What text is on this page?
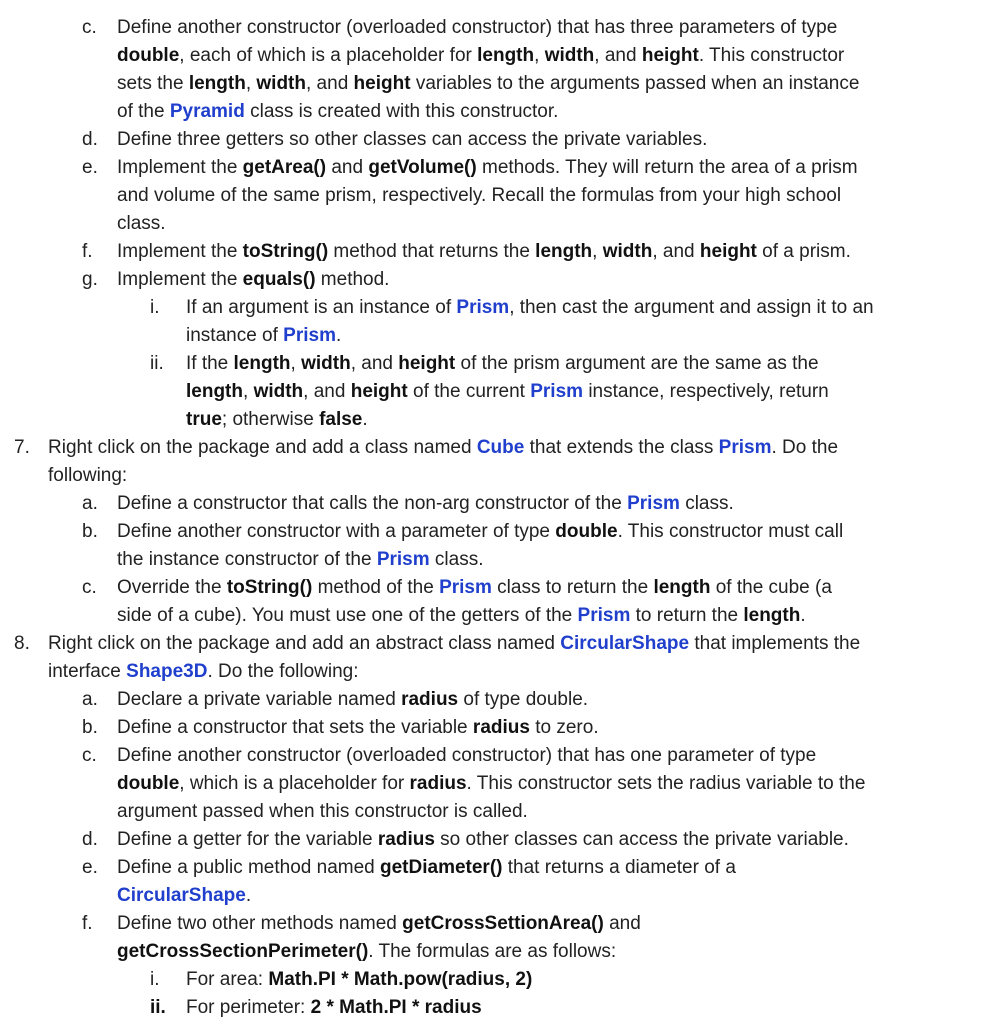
c. Define another constructor (overloaded constructor) that has three parameters of type
double, each of which is a placeholder for length, width, and height. This constructor
sets the length, width, and height variables to the arguments passed when an instance
of the Pyramid class is created with this constructor.
d. Define three getters so other classes can access the private variables.
e. Implement the getArea() and getVolume() methods. They will return the area of a prism
and volume of the same prism, respectively. Recall the formulas from your high school
class.
f. Implement the toString() method that returns the length, width, and height of a prism.
g. Implement the equals() method.
i. If an argument is an instance of Prism, then cast the argument and assign it to an
instance of Prism.
ii. If the length, width, and height of the prism argument are the same as the
length, width, and height of the current Prism instance, respectively, return
true; otherwise false.
7. Right click on the package and add a class named Cube that extends the class Prism. Do the
following:
a. Define a constructor that calls the non-arg constructor of the Prism class.
b. Define another constructor with a parameter of type double. This constructor must call
the instance constructor of the Prism class.
c. Override the toString() method of the Prism class to return the length of the cube (a
side of a cube). You must use one of the getters of the Prism to return the length.
8. Right click on the package and add an abstract class named CircularShape that implements the
interface Shape3D. Do the following:
a. Declare a private variable named radius of type double.
b. Define a constructor that sets the variable radius to zero.
c. Define another constructor (overloaded constructor) that has one parameter of type
double, which is a placeholder for radius. This constructor sets the radius variable to the
argument passed when this constructor is called.
d. Define a getter for the variable radius so other classes can access the private variable.
e. Define a public method named getDiameter() that returns a diameter of a
CircularShape.
f. Define two other methods named getCrossSettionArea() and
getCrossSectionPerimeter(). The formulas are as follows:
i. For area: Math.PI * Math.pow(radius, 2)
ii. For perimeter: 2 * Math.PI * radius
